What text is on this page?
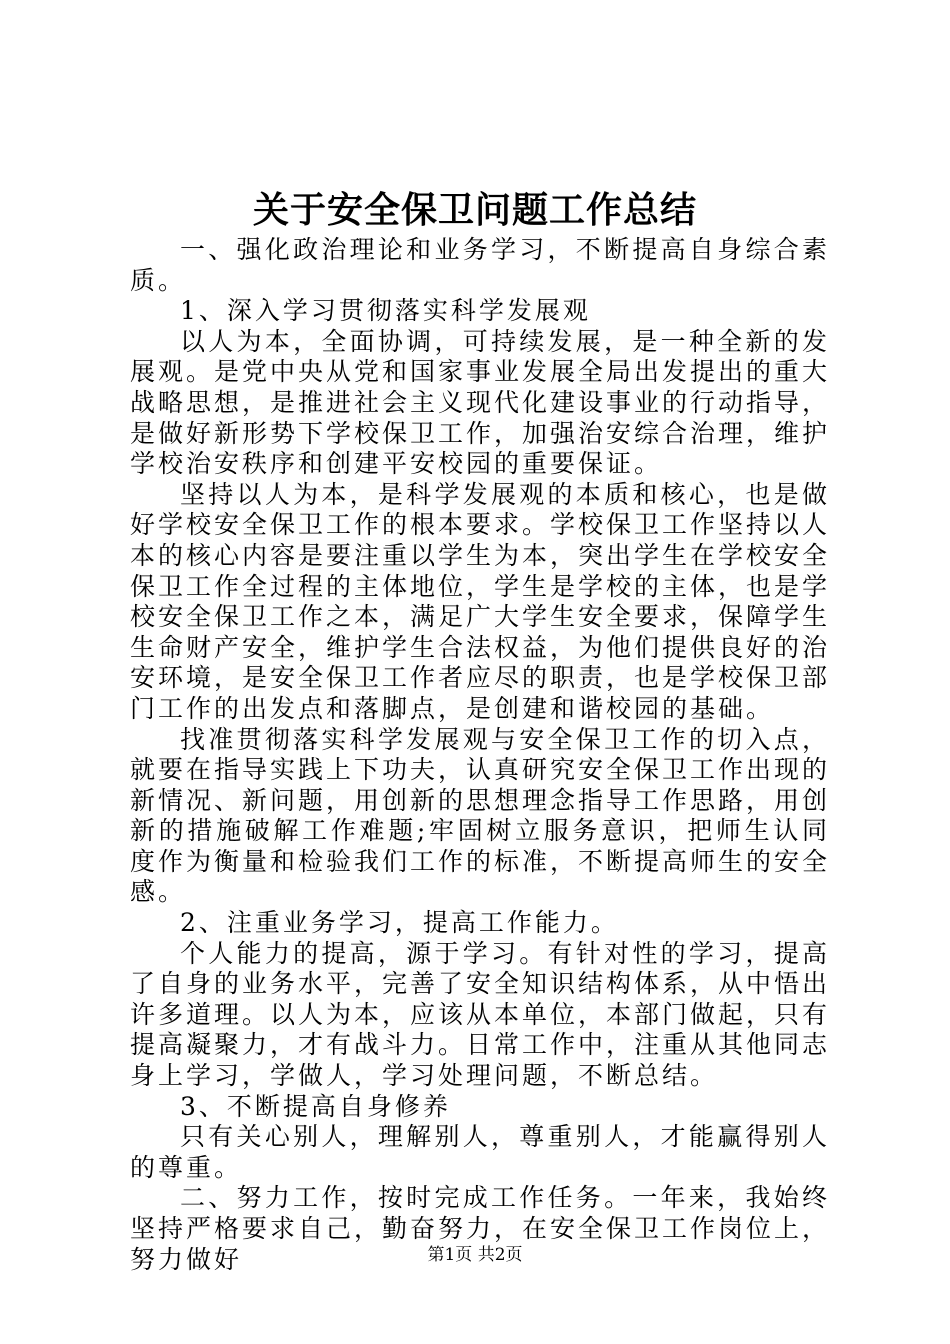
关于安全保卫问题工作总结

一、强化政治理论和业务学习，不断提高自身综合素质。

1、深入学习贯彻落实科学发展观

以人为本，全面协调，可持续发展，是一种全新的发展观。是党中央从党和国家事业发展全局出发提出的重大战略思想，是推进社会主义现代化建设事业的行动指导，是做好新形势下学校保卫工作，加强治安综合治理，维护学校治安秩序和创建平安校园的重要保证。

坚持以人为本，是科学发展观的本质和核心，也是做好学校安全保卫工作的根本要求。学校保卫工作坚持以人本的核心内容是要注重以学生为本，突出学生在学校安全保卫工作全过程的主体地位，学生是学校的主体，也是学校安全保卫工作之本，满足广大学生安全要求，保障学生生命财产安全，维护学生合法权益，为他们提供良好的治安环境，是安全保卫工作者应尽的职责，也是学校保卫部门工作的出发点和落脚点，是创建和谐校园的基础。

找准贯彻落实科学发展观与安全保卫工作的切入点，就要在指导实践上下功夫，认真研究安全保卫工作出现的新情况、新问题，用创新的思想理念指导工作思路，用创新的措施破解工作难题;牢固树立服务意识，把师生认同度作为衡量和检验我们工作的标准，不断提高师生的安全感。

2、注重业务学习，提高工作能力。

个人能力的提高，源于学习。有针对性的学习，提高了自身的业务水平，完善了安全知识结构体系，从中悟出许多道理。以人为本，应该从本单位，本部门做起，只有提高凝聚力，才有战斗力。日常工作中，注重从其他同志身上学习，学做人，学习处理问题，不断总结。

3、不断提高自身修养

只有关心别人，理解别人，尊重别人，才能赢得别人的尊重。

二、努力工作，按时完成工作任务。一年来，我始终坚持严格要求自己，勤奋努力，在安全保卫工作岗位上，努力做好	第1页 共2页
